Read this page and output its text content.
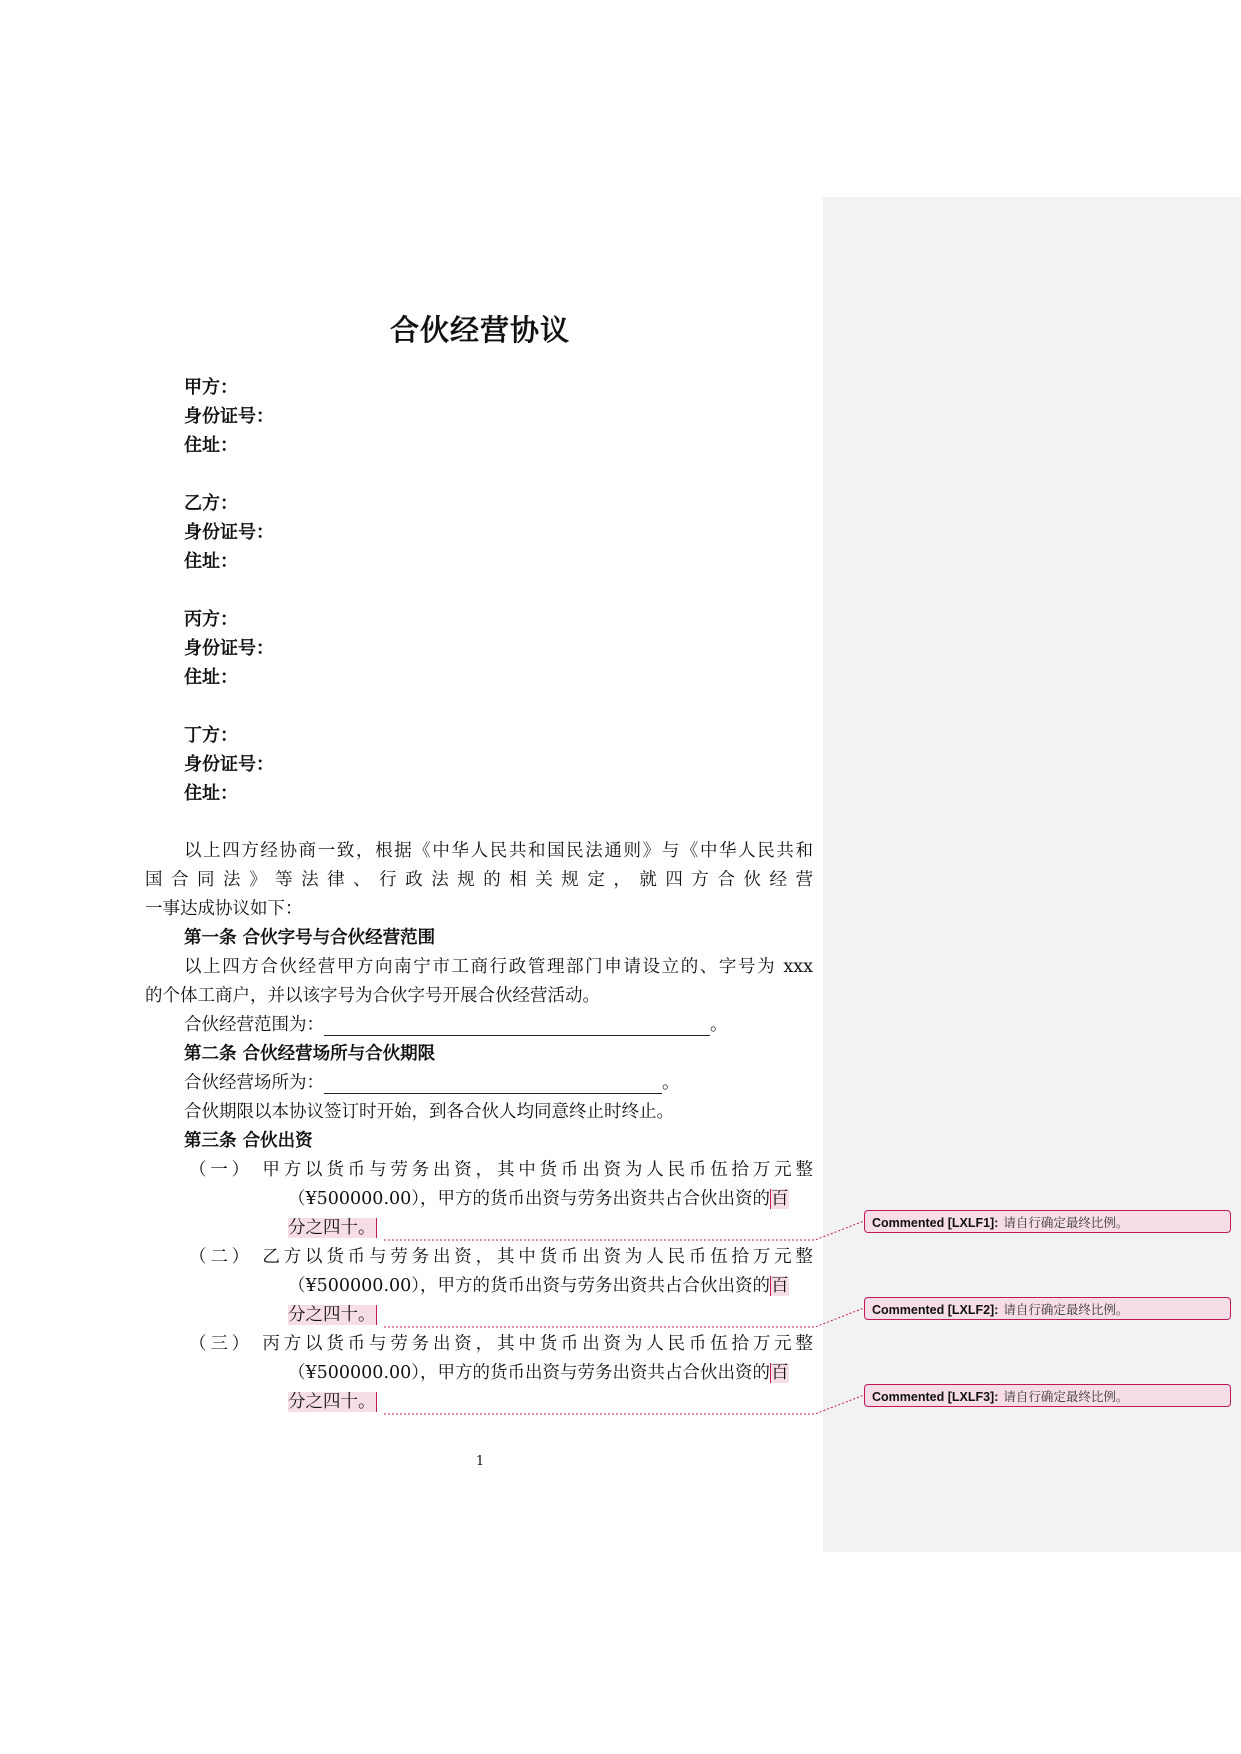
合伙经营协议
甲方：
身份证号：
住址：
乙方：
身份证号：
住址：
丙方：
身份证号：
住址：
丁方：
身份证号：
住址：
以上四方经协商一致，根据《中华人民共和国民法通则》与《中华人民共和
国 合 同 法 》 等 法 律 、 行 政 法 规 的 相 关 规 定 ， 就 四 方 合 伙 经 营
一事达成协议如下：
第一条 合伙字号与合伙经营范围
以上四方合伙经营甲方向南宁市工商行政管理部门申请设立的、字号为 xxx
的个体工商户，并以该字号为合伙字号开展合伙经营活动。
合伙经营范围为：	。
第二条 合伙经营场所与合伙期限
合伙经营场所为：	。
合伙期限以本协议签订时开始，到各合伙人均同意终止时终止。
第三条 合伙出资
（一） 甲方以货币与劳务出资，其中货币出资为人民币伍拾万元整
（¥500000.00），甲方的货币出资与劳务出资共占合伙出资的百
分之四十。
（二） 乙方以货币与劳务出资，其中货币出资为人民币伍拾万元整
（¥500000.00），甲方的货币出资与劳务出资共占合伙出资的百
分之四十。
（三） 丙方以货币与劳务出资，其中货币出资为人民币伍拾万元整
（¥500000.00），甲方的货币出资与劳务出资共占合伙出资的百
分之四十。
Commented [LXLF1]: 请自行确定最终比例。
Commented [LXLF2]: 请自行确定最终比例。
Commented [LXLF3]: 请自行确定最终比例。
1
